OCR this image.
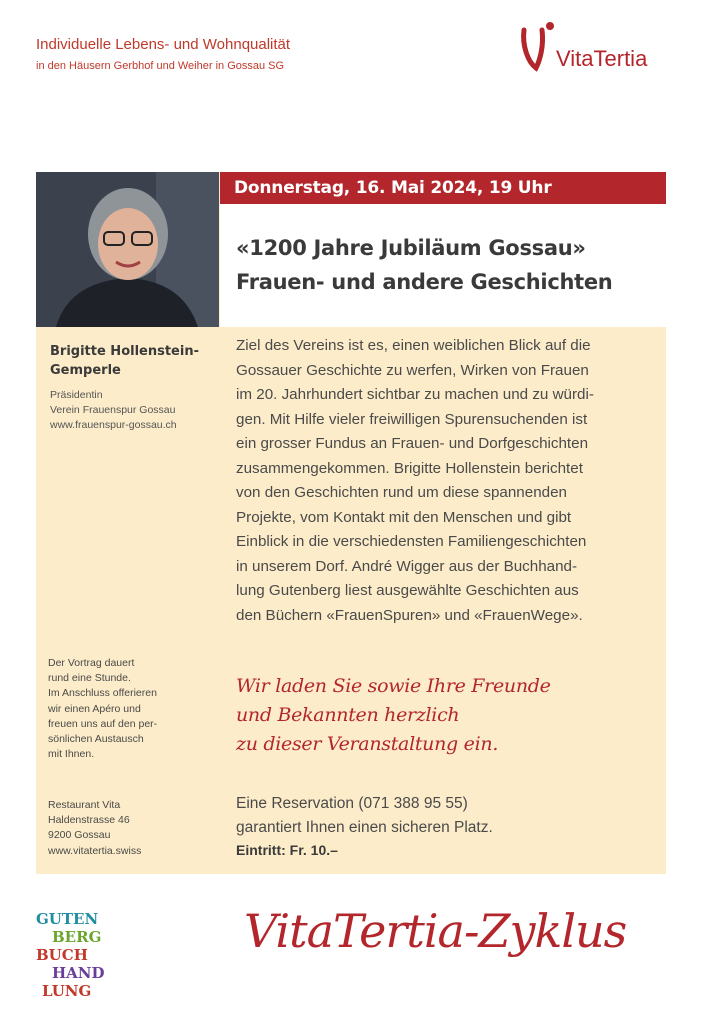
Individuelle Lebens- und Wohnqualität
in den Häusern Gerbhof und Weiher in Gossau SG	VitaTertia
Donnerstag, 16. Mai 2024, 19 Uhr
«1200 Jahre Jubiläum Gossau»
Frauen- und andere Geschichten
Brigitte Hollenstein-
Gemperle
Präsidentin
Verein Frauenspur Gossau
www.frauenspur-gossau.ch
Ziel des Vereins ist es, einen weiblichen Blick auf die
Gossauer Geschichte zu werfen, Wirken von Frauen
im 20. Jahrhundert sichtbar zu machen und zu würdi-
gen. Mit Hilfe vieler freiwilligen Spurensuchenden ist
ein grosser Fundus an Frauen- und Dorfgeschichten
zusammengekommen. Brigitte Hollenstein berichtet
von den Geschichten rund um diese spannenden
Projekte, vom Kontakt mit den Menschen und gibt
Einblick in die verschiedensten Familiengeschichten
in unserem Dorf. André Wigger aus der Buchhand-
lung Gutenberg liest ausgewählte Geschichten aus
den Büchern «FrauenSpuren» und «FrauenWege».
Der Vortrag dauert
rund eine Stunde.
Im Anschluss offerieren
wir einen Apéro und
freuen uns auf den per-
sönlichen Austausch
mit Ihnen.
Wir laden Sie sowie Ihre Freunde
und Bekannten herzlich
zu dieser Veranstaltung ein.
Restaurant Vita
Haldenstrasse 46
9200 Gossau
www.vitatertia.swiss
Eine Reservation (071 388 95 55)
garantiert Ihnen einen sicheren Platz.
Eintritt: Fr. 10.–
GUTEN
BERG
BUCH
HAND
LUNG
VitaTertia-Zyklus
